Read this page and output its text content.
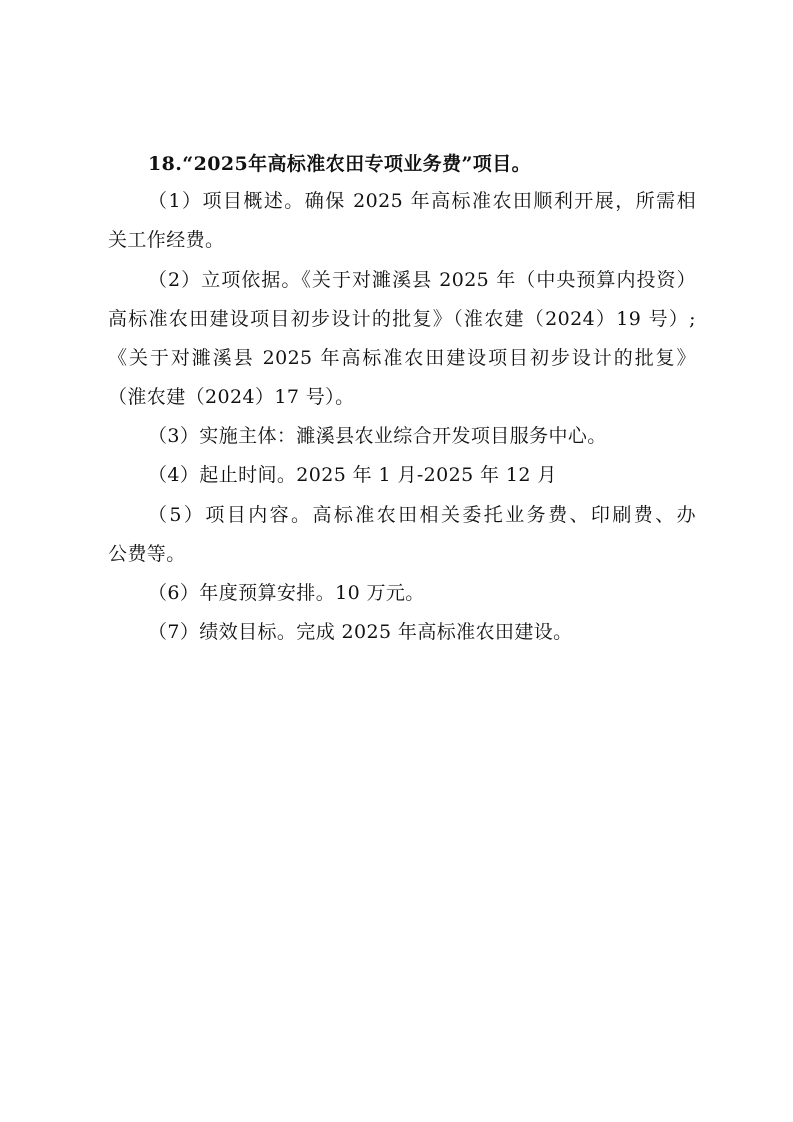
18.“2025年高标准农田专项业务费”项目。
（1）项目概述。确保 2025 年高标准农田顺利开展，所需相
关工作经费。
（2）立项依据。《关于对濉溪县 2025 年（中央预算内投资）
高标准农田建设项目初步设计的批复》（淮农建（2024）19 号）;
《关于对濉溪县 2025 年高标准农田建设项目初步设计的批复》
（淮农建（2024）17 号）。
（3）实施主体：濉溪县农业综合开发项目服务中心。
（4）起止时间。2025 年 1 月-2025 年 12 月
（5）项目内容。高标准农田相关委托业务费、印刷费、办
公费等。
（6）年度预算安排。10 万元。
（7）绩效目标。完成 2025 年高标准农田建设。
